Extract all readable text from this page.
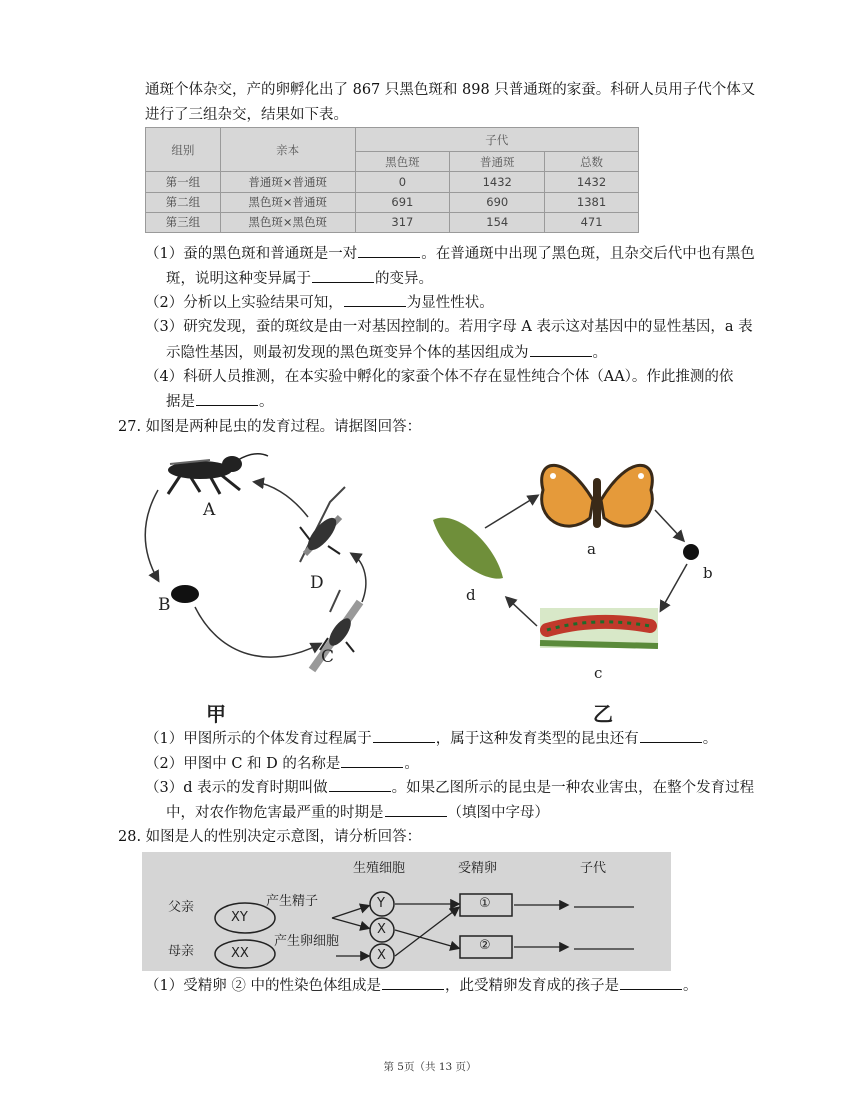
通斑个体杂交，产的卵孵化出了 867 只黑色斑和 898 只普通斑的家蚕。科研人员用子代个体又
进行了三组杂交，结果如下表。
组别	亲本	子代		
		黑色斑	普通斑	总数
第一组	普通斑×普通斑	0	1432	1432
第二组	黑色斑×普通斑	691	690	1381
第三组	黑色斑×黑色斑	317	154	471
（1）蚕的黑色斑和普通斑是一对	。在普通斑中出现了黑色斑，且杂交后代中也有黑色
斑，说明这种变异属于	的变异。
（2）分析以上实验结果可知，	为显性性状。
（3）研究发现，蚕的斑纹是由一对基因控制的。若用字母 A 表示这对基因中的显性基因，a 表
示隐性基因，则最初发现的黑色斑变异个体的基因组成为	。
（4）科研人员推测，在本实验中孵化的家蚕个体不存在显性纯合个体（AA）。作此推测的依
据是	。
27. 如图是两种昆虫的发育过程。请据图回答：
A
B
D
C
甲
a
b
d
c
乙
（1）甲图所示的个体发育过程属于	，属于这种发育类型的昆虫还有	。
（2）甲图中 C 和 D 的名称是	。
（3）d 表示的发育时期叫做	。如果乙图所示的昆虫是一种农业害虫，在整个发育过程
中，对农作物危害最严重的时期是	（填图中字母）
28. 如图是人的性别决定示意图，请分析回答：
生殖细胞	受精卵	子代
父亲
母亲
XY
XX
产生精子
产生卵细胞
Y
X
X
①
②
（1）受精卵 ② 中的性染色体组成是	，此受精卵发育成的孩子是	。
第 5页（共 13 页）
